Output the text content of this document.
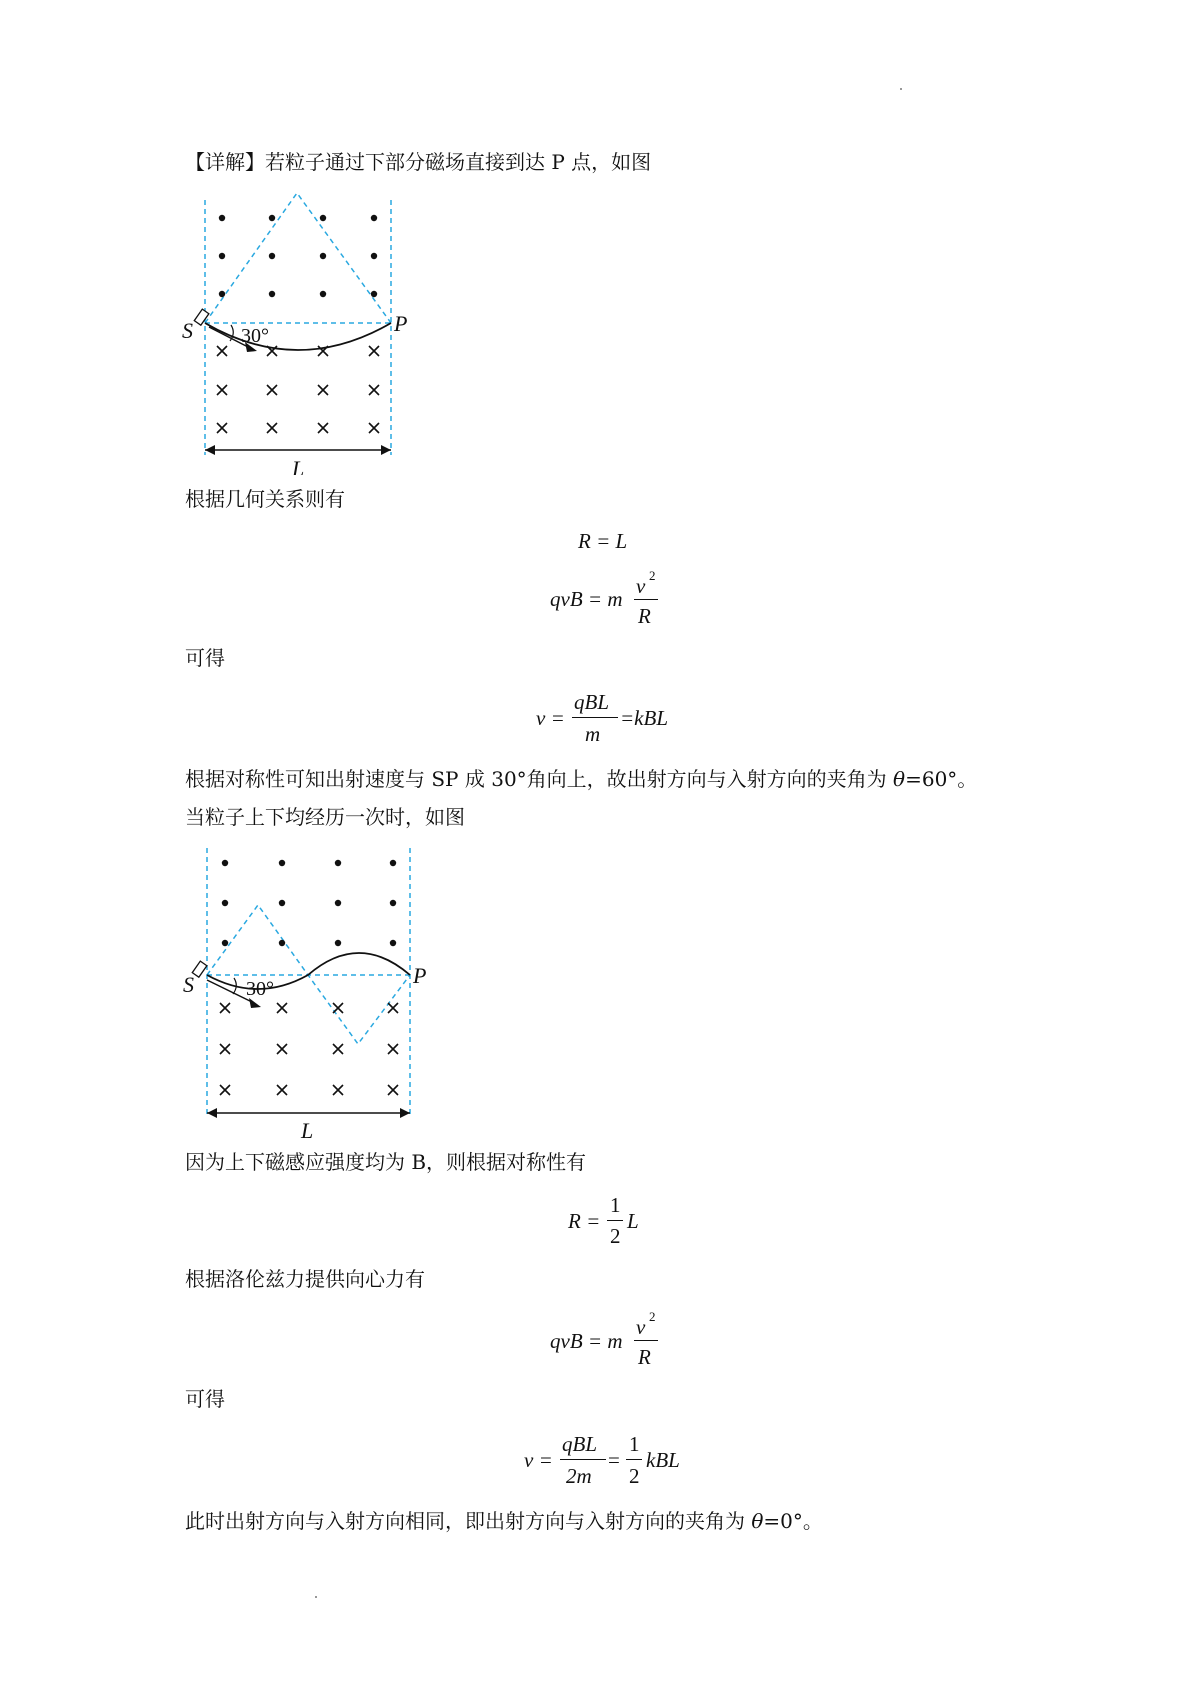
【详解】若粒子通过下部分磁场直接到达 P 点，如图
S	P
30°
L
根据几何关系则有
R = L
qvB = m
v 2
R
可得
v =
qBL
m
=kBL
根据对称性可知出射速度与 SP 成 30°角向上，故出射方向与入射方向的夹角为 θ=60°。
当粒子上下均经历一次时，如图
S	P
30°
L
因为上下磁感应强度均为 B，则根据对称性有
R =
1
2
L
根据洛伦兹力提供向心力有
qvB = m
v 2
R
可得
v =
qBL
2m
=
1
2
kBL
此时出射方向与入射方向相同，即出射方向与入射方向的夹角为 θ=0°。
